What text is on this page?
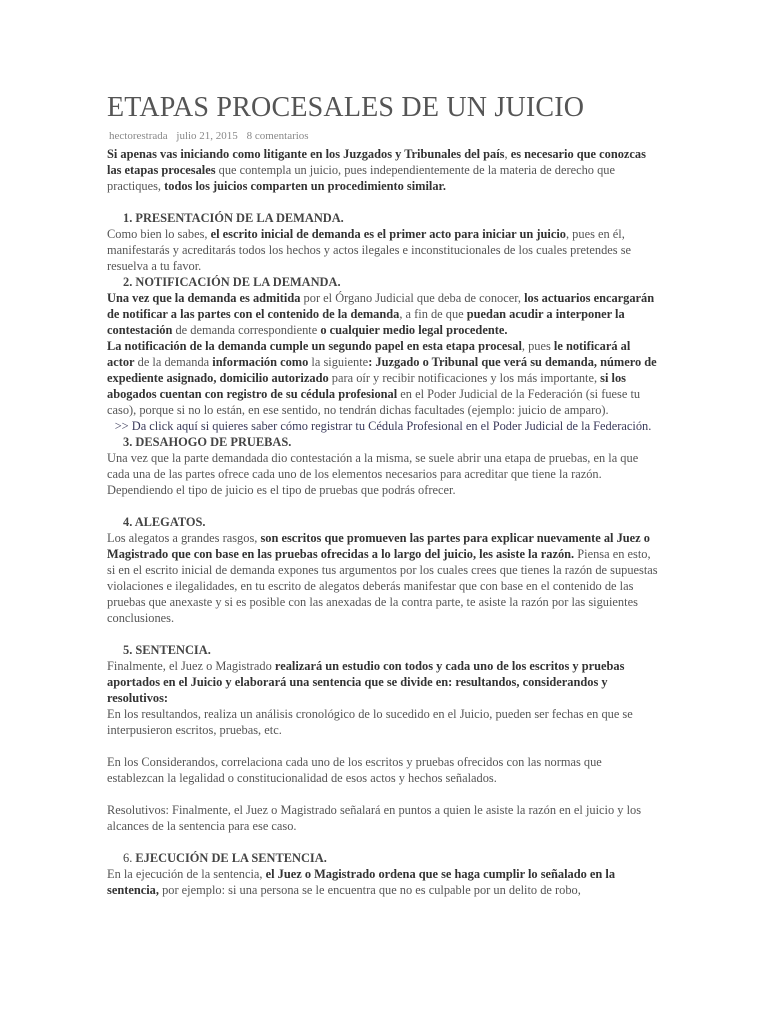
ETAPAS PROCESALES DE UN JUICIO
hectorestrada julio 21, 2015 8 comentarios

Si apenas vas iniciando como litigante en los Juzgados y Tribunales del país, es necesario que conozcas las etapas procesales que contempla un juicio, pues independientemente de la materia de derecho que practiques, todos los juicios comparten un procedimiento similar.

1. PRESENTACIÓN DE LA DEMANDA.

Como bien lo sabes, el escrito inicial de demanda es el primer acto para iniciar un juicio, pues en él, manifestarás y acreditarás todos los hechos y actos ilegales e inconstitucionales de los cuales pretendes se resuelva a tu favor.

2. NOTIFICACIÓN DE LA DEMANDA.

Una vez que la demanda es admitida por el Órgano Judicial que deba de conocer, los actuarios encargarán de notificar a las partes con el contenido de la demanda, a fin de que puedan acudir a interponer la contestación de demanda correspondiente o cualquier medio legal procedente.

La notificación de la demanda cumple un segundo papel en esta etapa procesal, pues le notificará al actor de la demanda información como la siguiente: Juzgado o Tribunal que verá su demanda, número de expediente asignado, domicilio autorizado para oír y recibir notificaciones y los más importante, si los abogados cuentan con registro de su cédula profesional en el Poder Judicial de la Federación (si fuese tu caso), porque si no lo están, en ese sentido, no tendrán dichas facultades (ejemplo: juicio de amparo).

>> Da click aquí si quieres saber cómo registrar tu Cédula Profesional en el Poder Judicial de la Federación.

3. DESAHOGO DE PRUEBAS.

Una vez que la parte demandada dio contestación a la misma, se suele abrir una etapa de pruebas, en la que cada una de las partes ofrece cada uno de los elementos necesarios para acreditar que tiene la razón. Dependiendo el tipo de juicio es el tipo de pruebas que podrás ofrecer.

4. ALEGATOS.

Los alegatos a grandes rasgos, son escritos que promueven las partes para explicar nuevamente al Juez o Magistrado que con base en las pruebas ofrecidas a lo largo del juicio, les asiste la razón. Piensa en esto, si en el escrito inicial de demanda expones tus argumentos por los cuales crees que tienes la razón de supuestas violaciones e ilegalidades, en tu escrito de alegatos deberás manifestar que con base en el contenido de las pruebas que anexaste y si es posible con las anexadas de la contra parte, te asiste la razón por las siguientes conclusiones.

5. SENTENCIA.

Finalmente, el Juez o Magistrado realizará un estudio con todos y cada uno de los escritos y pruebas aportados en el Juicio y elaborará una sentencia que se divide en: resultandos, considerandos y resolutivos:

En los resultandos, realiza un análisis cronológico de lo sucedido en el Juicio, pueden ser fechas en que se interpusieron escritos, pruebas, etc.

En los Considerandos, correlaciona cada uno de los escritos y pruebas ofrecidos con las normas que establezcan la legalidad o constitucionalidad de esos actos y hechos señalados.

Resolutivos: Finalmente, el Juez o Magistrado señalará en puntos a quien le asiste la razón en el juicio y los alcances de la sentencia para ese caso.

6. EJECUCIÓN DE LA SENTENCIA.

En la ejecución de la sentencia, el Juez o Magistrado ordena que se haga cumplir lo señalado en la sentencia, por ejemplo: si una persona se le encuentra que no es culpable por un delito de robo,
